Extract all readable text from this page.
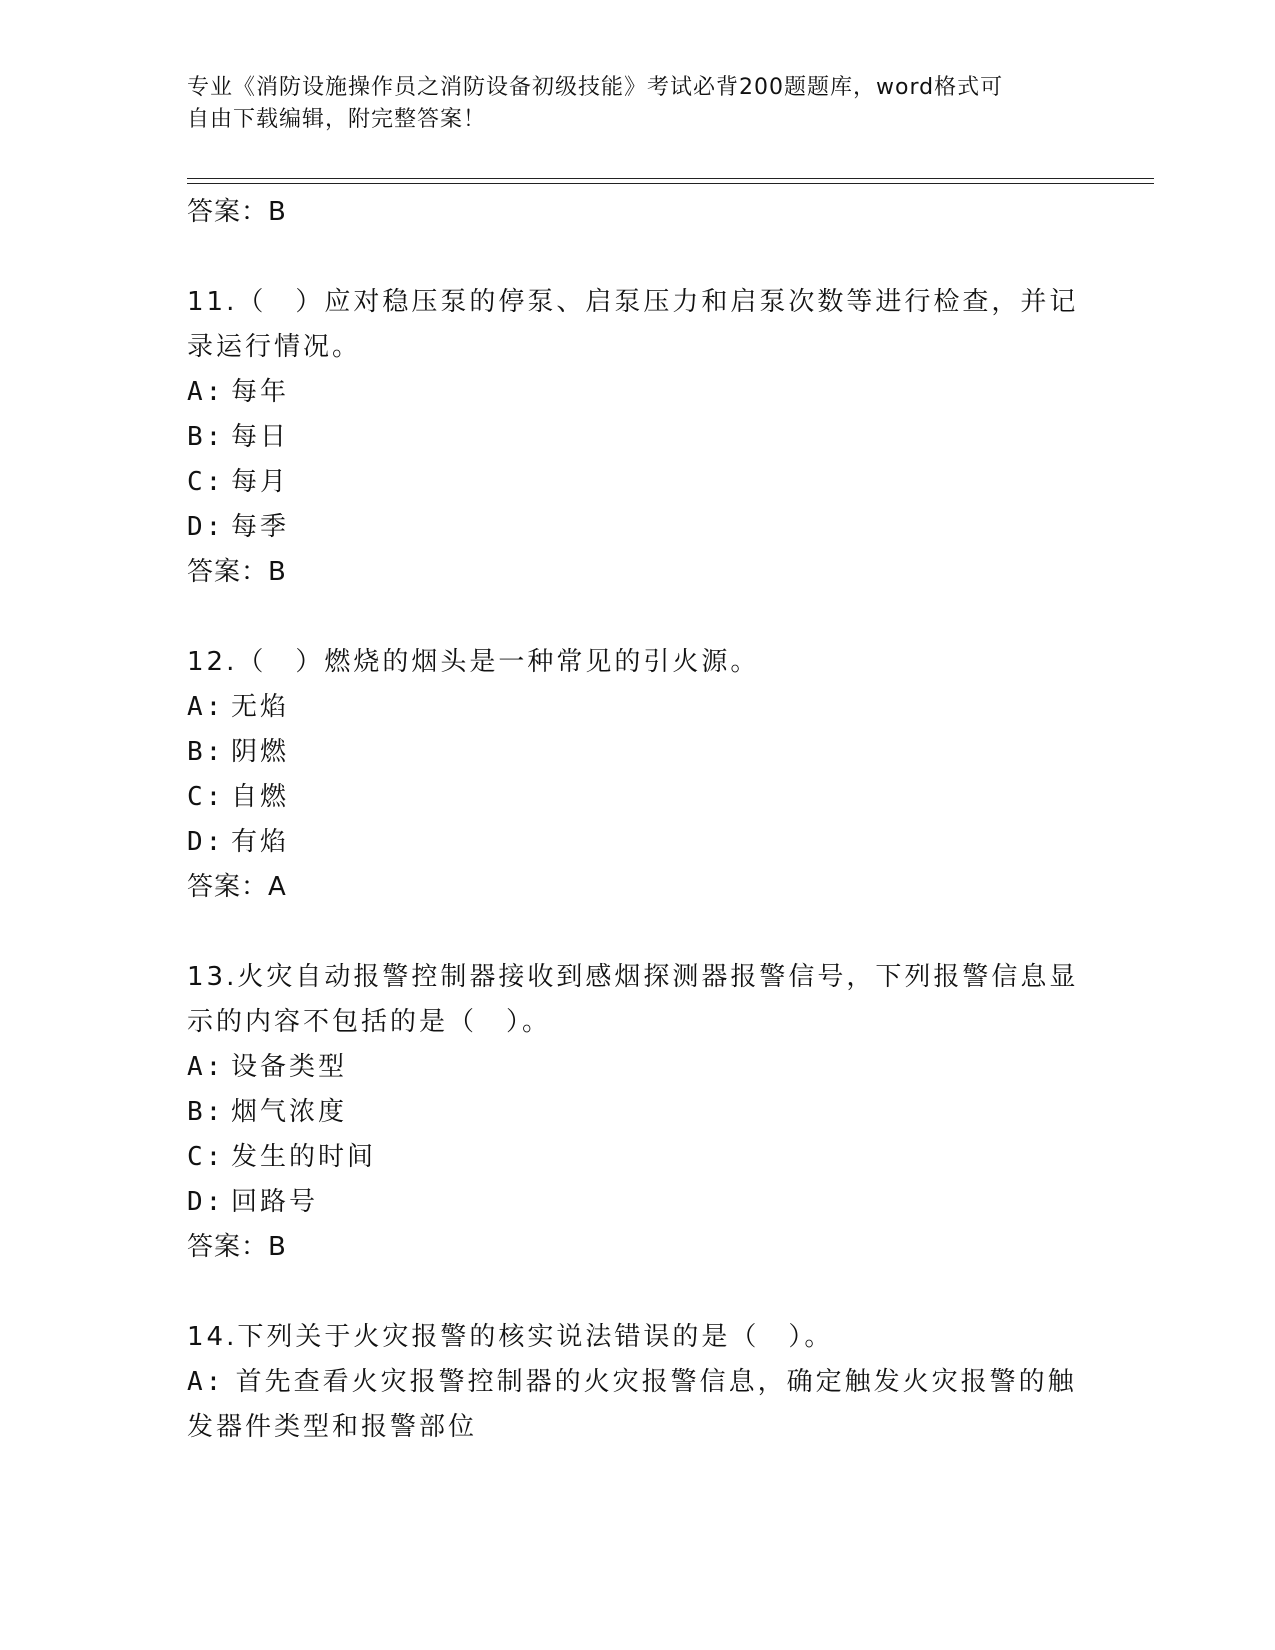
专业《消防设施操作员之消防设备初级技能》考试必背200题题库，word格式可
自由下载编辑，附完整答案！
答案：B
11.（　）应对稳压泵的停泵、启泵压力和启泵次数等进行检查，并记录运行情况。
A: 每年
B: 每日
C: 每月
D: 每季
答案：B
12.（　）燃烧的烟头是一种常见的引火源。
A: 无焰
B: 阴燃
C: 自燃
D: 有焰
答案：A
13.火灾自动报警控制器接收到感烟探测器报警信号，下列报警信息显示的内容不包括的是（　）。
A: 设备类型
B: 烟气浓度
C: 发生的时间
D: 回路号
答案：B
14.下列关于火灾报警的核实说法错误的是（　）。
A: 首先查看火灾报警控制器的火灾报警信息，确定触发火灾报警的触发器件类型和报警部位
